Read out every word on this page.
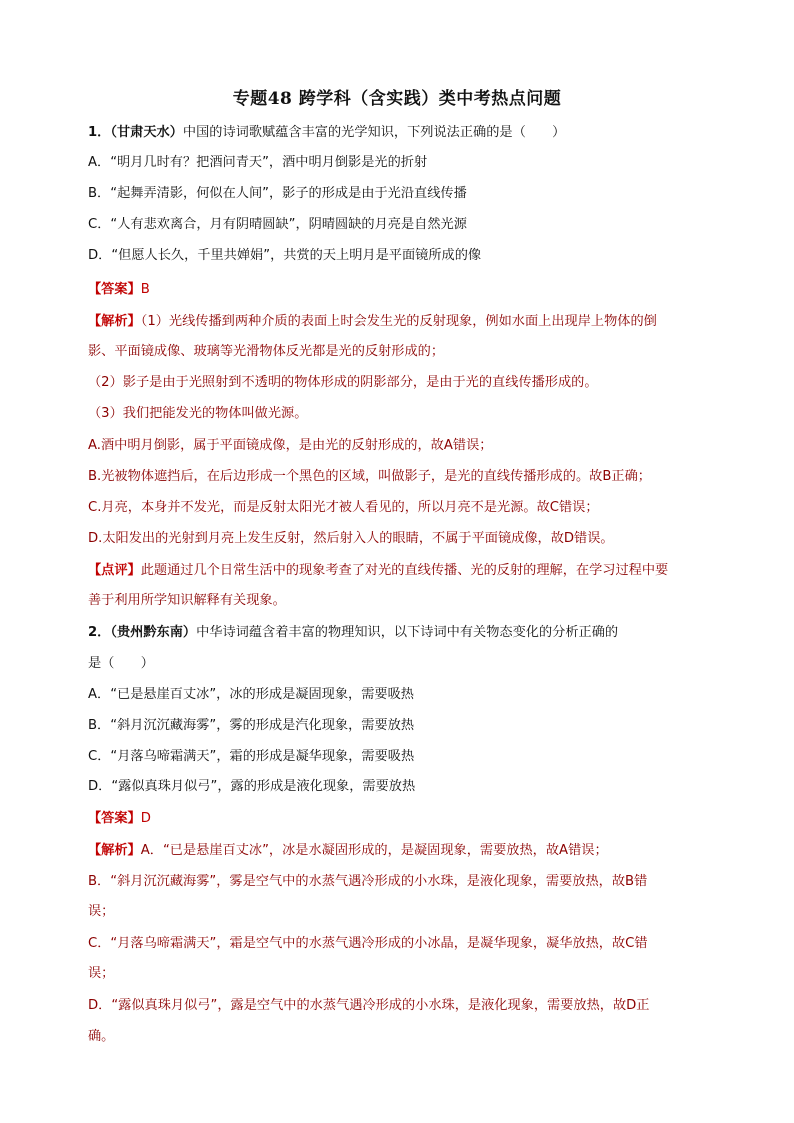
专题48 跨学科（含实践）类中考热点问题
1．（甘肃天水）中国的诗词歌赋蕴含丰富的光学知识，下列说法正确的是（　　）
A．“明月几时有？把酒问青天”，酒中明月倒影是光的折射
B．“起舞弄清影，何似在人间”，影子的形成是由于光沿直线传播
C．“人有悲欢离合，月有阴晴圆缺”，阴晴圆缺的月亮是自然光源
D．“但愿人长久，千里共婵娟”，共赏的天上明月是平面镜所成的像
【答案】B
【解析】（1）光线传播到两种介质的表面上时会发生光的反射现象，例如水面上出现岸上物体的倒
影、平面镜成像、玻璃等光滑物体反光都是光的反射形成的；
（2）影子是由于光照射到不透明的物体形成的阴影部分，是由于光的直线传播形成的。
（3）我们把能发光的物体叫做光源。
A.酒中明月倒影，属于平面镜成像，是由光的反射形成的，故A错误；
B.光被物体遮挡后，在后边形成一个黑色的区域，叫做影子，是光的直线传播形成的。故B正确；
C.月亮，本身并不发光，而是反射太阳光才被人看见的，所以月亮不是光源。故C错误；
D.太阳发出的光射到月亮上发生反射，然后射入人的眼睛，不属于平面镜成像，故D错误。
【点评】此题通过几个日常生活中的现象考查了对光的直线传播、光的反射的理解，在学习过程中要
善于利用所学知识解释有关现象。
2．（贵州黔东南）中华诗词蕴含着丰富的物理知识，以下诗词中有关物态变化的分析正确的
是（　　）
A．“已是悬崖百丈冰”，冰的形成是凝固现象，需要吸热
B．“斜月沉沉藏海雾”，雾的形成是汽化现象，需要放热
C．“月落乌啼霜满天”，霜的形成是凝华现象，需要吸热
D．“露似真珠月似弓”，露的形成是液化现象，需要放热
【答案】D
【解析】A．“已是悬崖百丈冰”，冰是水凝固形成的，是凝固现象，需要放热，故A错误；
B．“斜月沉沉藏海雾”，雾是空气中的水蒸气遇冷形成的小水珠，是液化现象，需要放热，故B错
误；
C．“月落乌啼霜满天”，霜是空气中的水蒸气遇冷形成的小冰晶，是凝华现象，凝华放热，故C错
误；
D．“露似真珠月似弓”，露是空气中的水蒸气遇冷形成的小水珠，是液化现象，需要放热，故D正
确。
